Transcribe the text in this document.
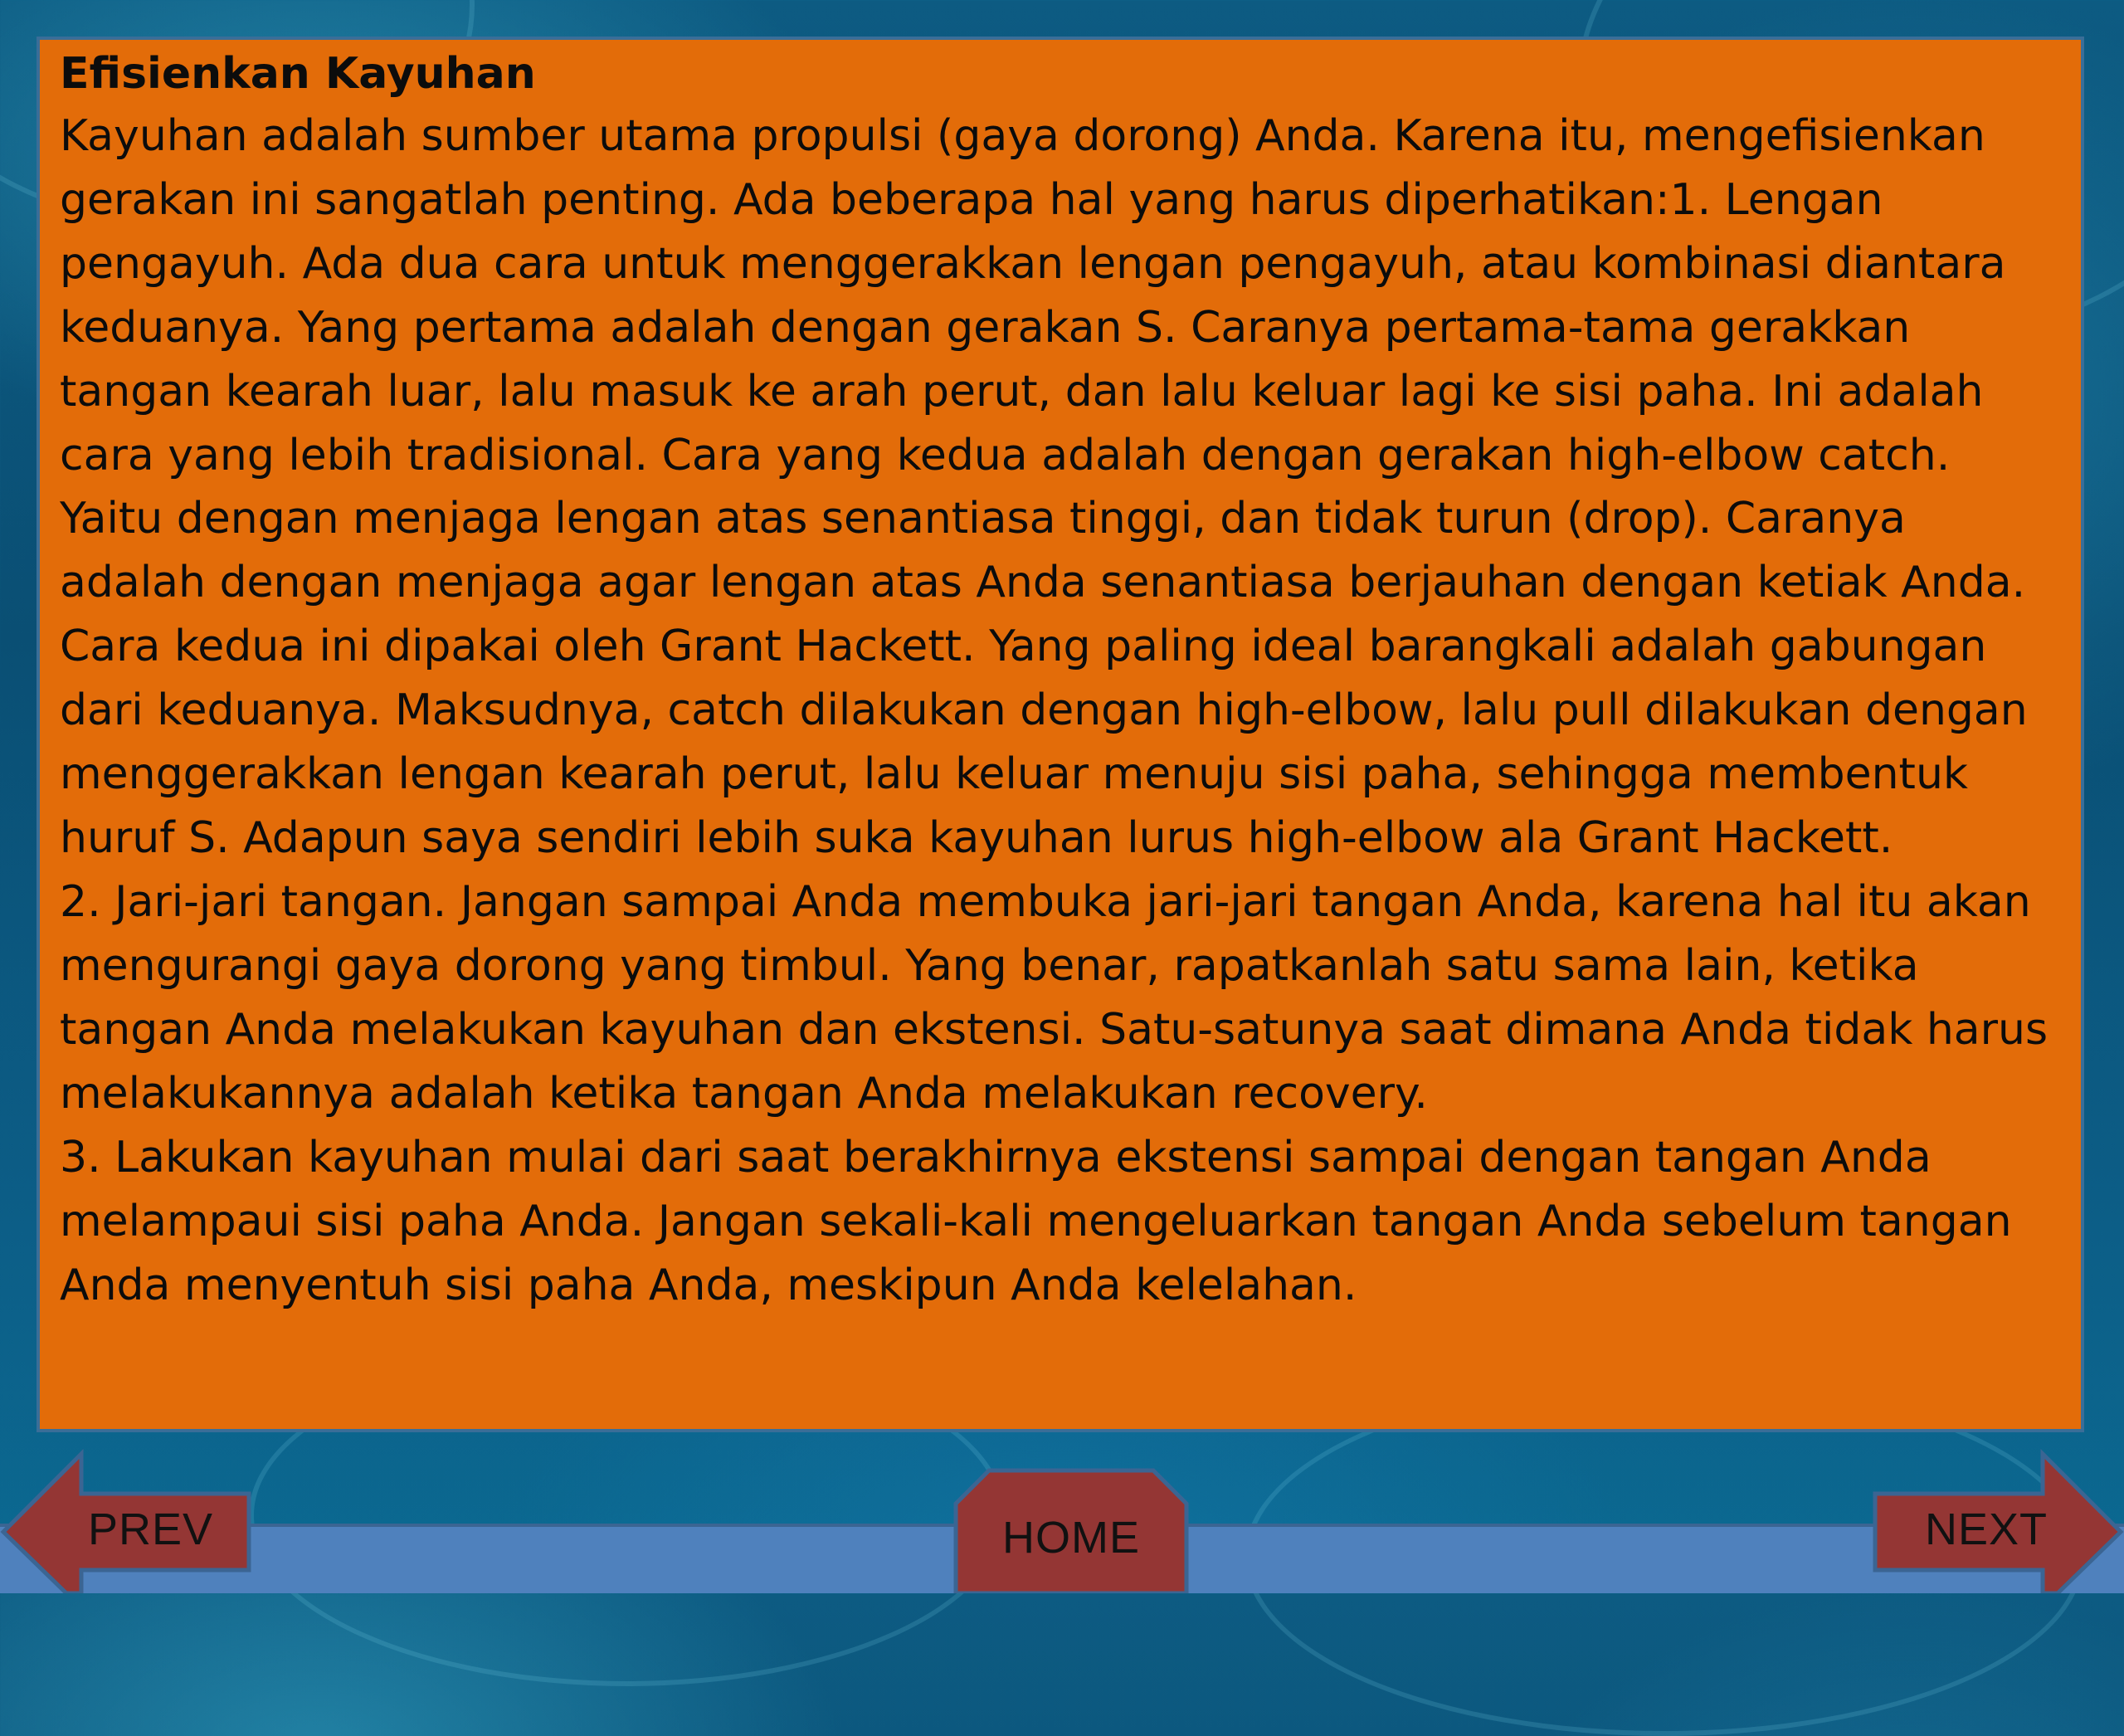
Efisienkan Kayuhan

Kayuhan adalah sumber utama propulsi (gaya dorong) Anda. Karena itu, mengefisienkan gerakan ini sangatlah penting. Ada beberapa hal yang harus diperhatikan:1. Lengan pengayuh. Ada dua cara untuk menggerakkan lengan pengayuh, atau kombinasi diantara keduanya. Yang pertama adalah dengan gerakan S. Caranya pertama-tama gerakkan tangan kearah luar, lalu masuk ke arah perut, dan lalu keluar lagi ke sisi paha. Ini adalah cara yang lebih tradisional. Cara yang kedua adalah dengan gerakan high-elbow catch. Yaitu dengan menjaga lengan atas senantiasa tinggi, dan tidak turun (drop). Caranya adalah dengan menjaga agar lengan atas Anda senantiasa berjauhan dengan ketiak Anda. Cara kedua ini dipakai oleh Grant Hackett. Yang paling ideal barangkali adalah gabungan dari keduanya. Maksudnya, catch dilakukan dengan high-elbow, lalu pull dilakukan dengan menggerakkan lengan kearah perut, lalu keluar menuju sisi paha, sehingga membentuk huruf S. Adapun saya sendiri lebih suka kayuhan lurus high-elbow ala Grant Hackett.

2. Jari-jari tangan. Jangan sampai Anda membuka jari-jari tangan Anda, karena hal itu akan mengurangi gaya dorong yang timbul. Yang benar, rapatkanlah satu sama lain, ketika tangan Anda melakukan kayuhan dan ekstensi. Satu-satunya saat dimana Anda tidak harus melakukannya adalah ketika tangan Anda melakukan recovery.

3. Lakukan kayuhan mulai dari saat berakhirnya ekstensi sampai dengan tangan Anda melampaui sisi paha Anda. Jangan sekali-kali mengeluarkan tangan Anda sebelum tangan Anda menyentuh sisi paha Anda, meskipun Anda kelelahan.

PREV	HOME	NEXT
